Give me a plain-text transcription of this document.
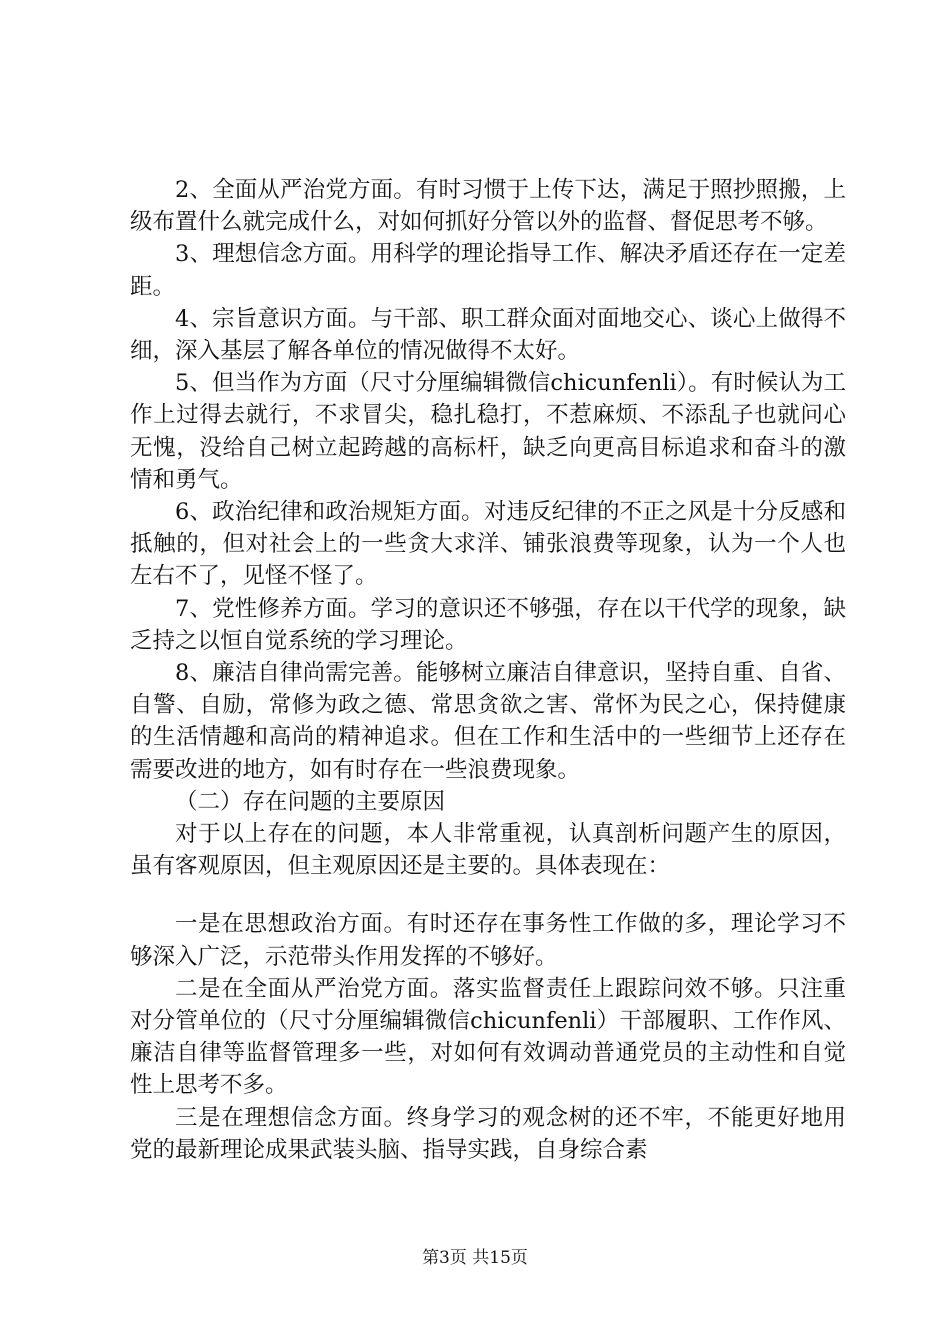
2、全面从严治党方面。有时习惯于上传下达，满足于照抄照搬，上级布置什么就完成什么，对如何抓好分管以外的监督、督促思考不够。

3、理想信念方面。用科学的理论指导工作、解决矛盾还存在一定差距。

4、宗旨意识方面。与干部、职工群众面对面地交心、谈心上做得不细，深入基层了解各单位的情况做得不太好。

5、但当作为方面（尺寸分厘编辑微信chicunfenli）。有时候认为工作上过得去就行，不求冒尖，稳扎稳打，不惹麻烦、不添乱子也就问心无愧，没给自己树立起跨越的高标杆，缺乏向更高目标追求和奋斗的激情和勇气。

6、政治纪律和政治规矩方面。对违反纪律的不正之风是十分反感和抵触的，但对社会上的一些贪大求洋、铺张浪费等现象，认为一个人也左右不了，见怪不怪了。

7、党性修养方面。学习的意识还不够强，存在以干代学的现象，缺乏持之以恒自觉系统的学习理论。

8、廉洁自律尚需完善。能够树立廉洁自律意识，坚持自重、自省、自警、自励，常修为政之德、常思贪欲之害、常怀为民之心，保持健康的生活情趣和高尚的精神追求。但在工作和生活中的一些细节上还存在需要改进的地方，如有时存在一些浪费现象。

（二）存在问题的主要原因

对于以上存在的问题，本人非常重视，认真剖析问题产生的原因，虽有客观原因，但主观原因还是主要的。具体表现在：

一是在思想政治方面。有时还存在事务性工作做的多，理论学习不够深入广泛，示范带头作用发挥的不够好。

二是在全面从严治党方面。落实监督责任上跟踪问效不够。只注重对分管单位的（尺寸分厘编辑微信chicunfenli）干部履职、工作作风、廉洁自律等监督管理多一些，对如何有效调动普通党员的主动性和自觉性上思考不多。

三是在理想信念方面。终身学习的观念树的还不牢，不能更好地用党的最新理论成果武装头脑、指导实践，自身综合素

第3页 共15页
